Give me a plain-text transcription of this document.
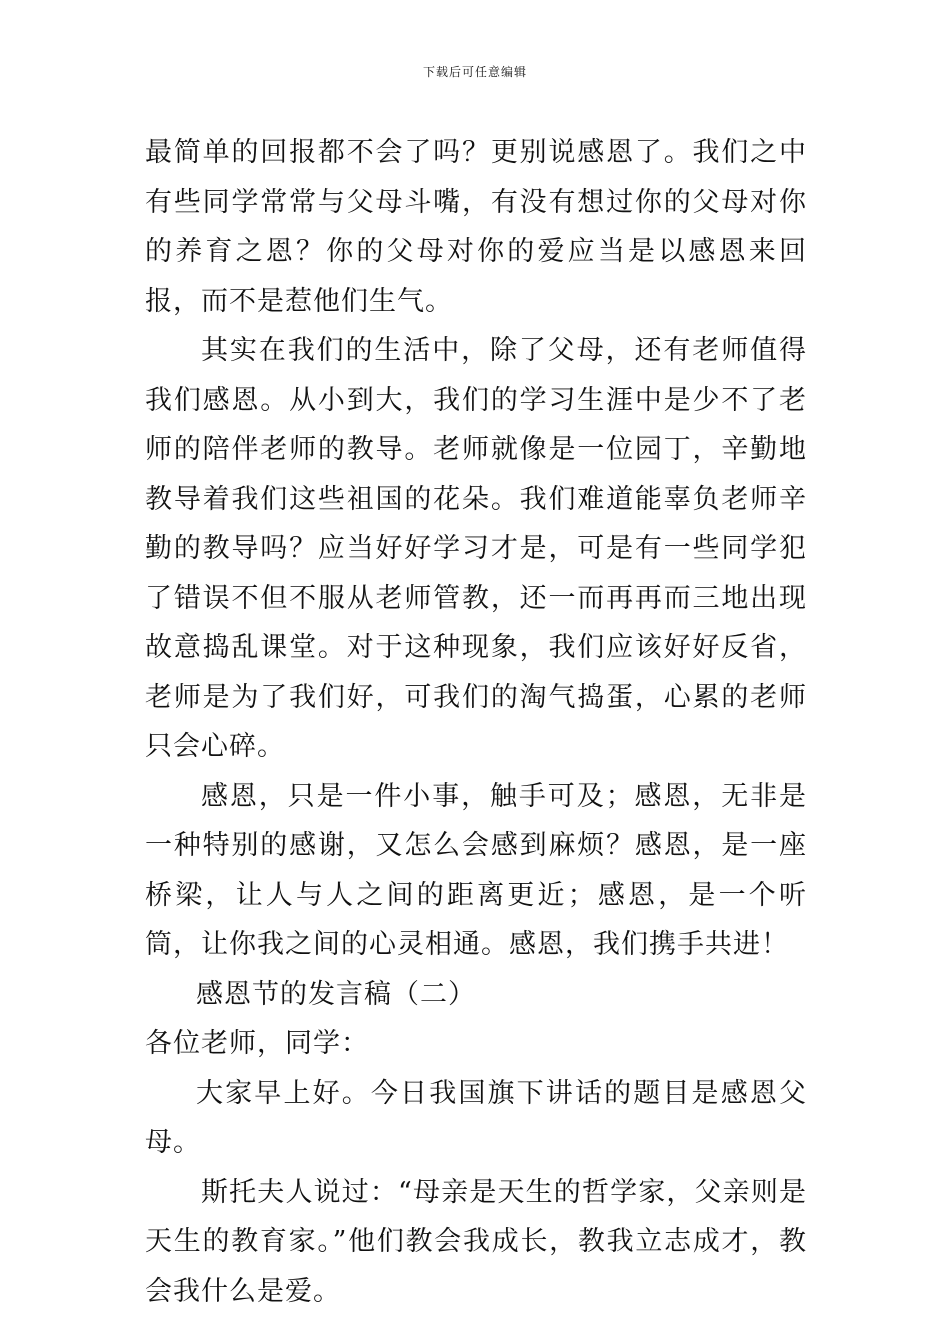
下载后可任意编辑

最简单的回报都不会了吗？更别说感恩了。我们之中有些同学常常与父母斗嘴，有没有想过你的父母对你的养育之恩？你的父母对你的爱应当是以感恩来回报，而不是惹他们生气。

其实在我们的生活中，除了父母，还有老师值得我们感恩。从小到大，我们的学习生涯中是少不了老师的陪伴老师的教导。老师就像是一位园丁，辛勤地教导着我们这些祖国的花朵。我们难道能辜负老师辛勤的教导吗？应当好好学习才是，可是有一些同学犯了错误不但不服从老师管教，还一而再再而三地出现故意捣乱课堂。对于这种现象，我们应该好好反省，老师是为了我们好，可我们的淘气捣蛋，心累的老师只会心碎。

感恩，只是一件小事，触手可及；感恩，无非是一种特别的感谢，又怎么会感到麻烦？感恩，是一座桥梁，让人与人之间的距离更近；感恩，是一个听筒，让你我之间的心灵相通。感恩，我们携手共进！

感恩节的发言稿（二）

各位老师，同学：

大家早上好。今日我国旗下讲话的题目是感恩父母。

斯托夫人说过：“母亲是天生的哲学家，父亲则是天生的教育家。”他们教会我成长，教我立志成才，教会我什么是爱。
